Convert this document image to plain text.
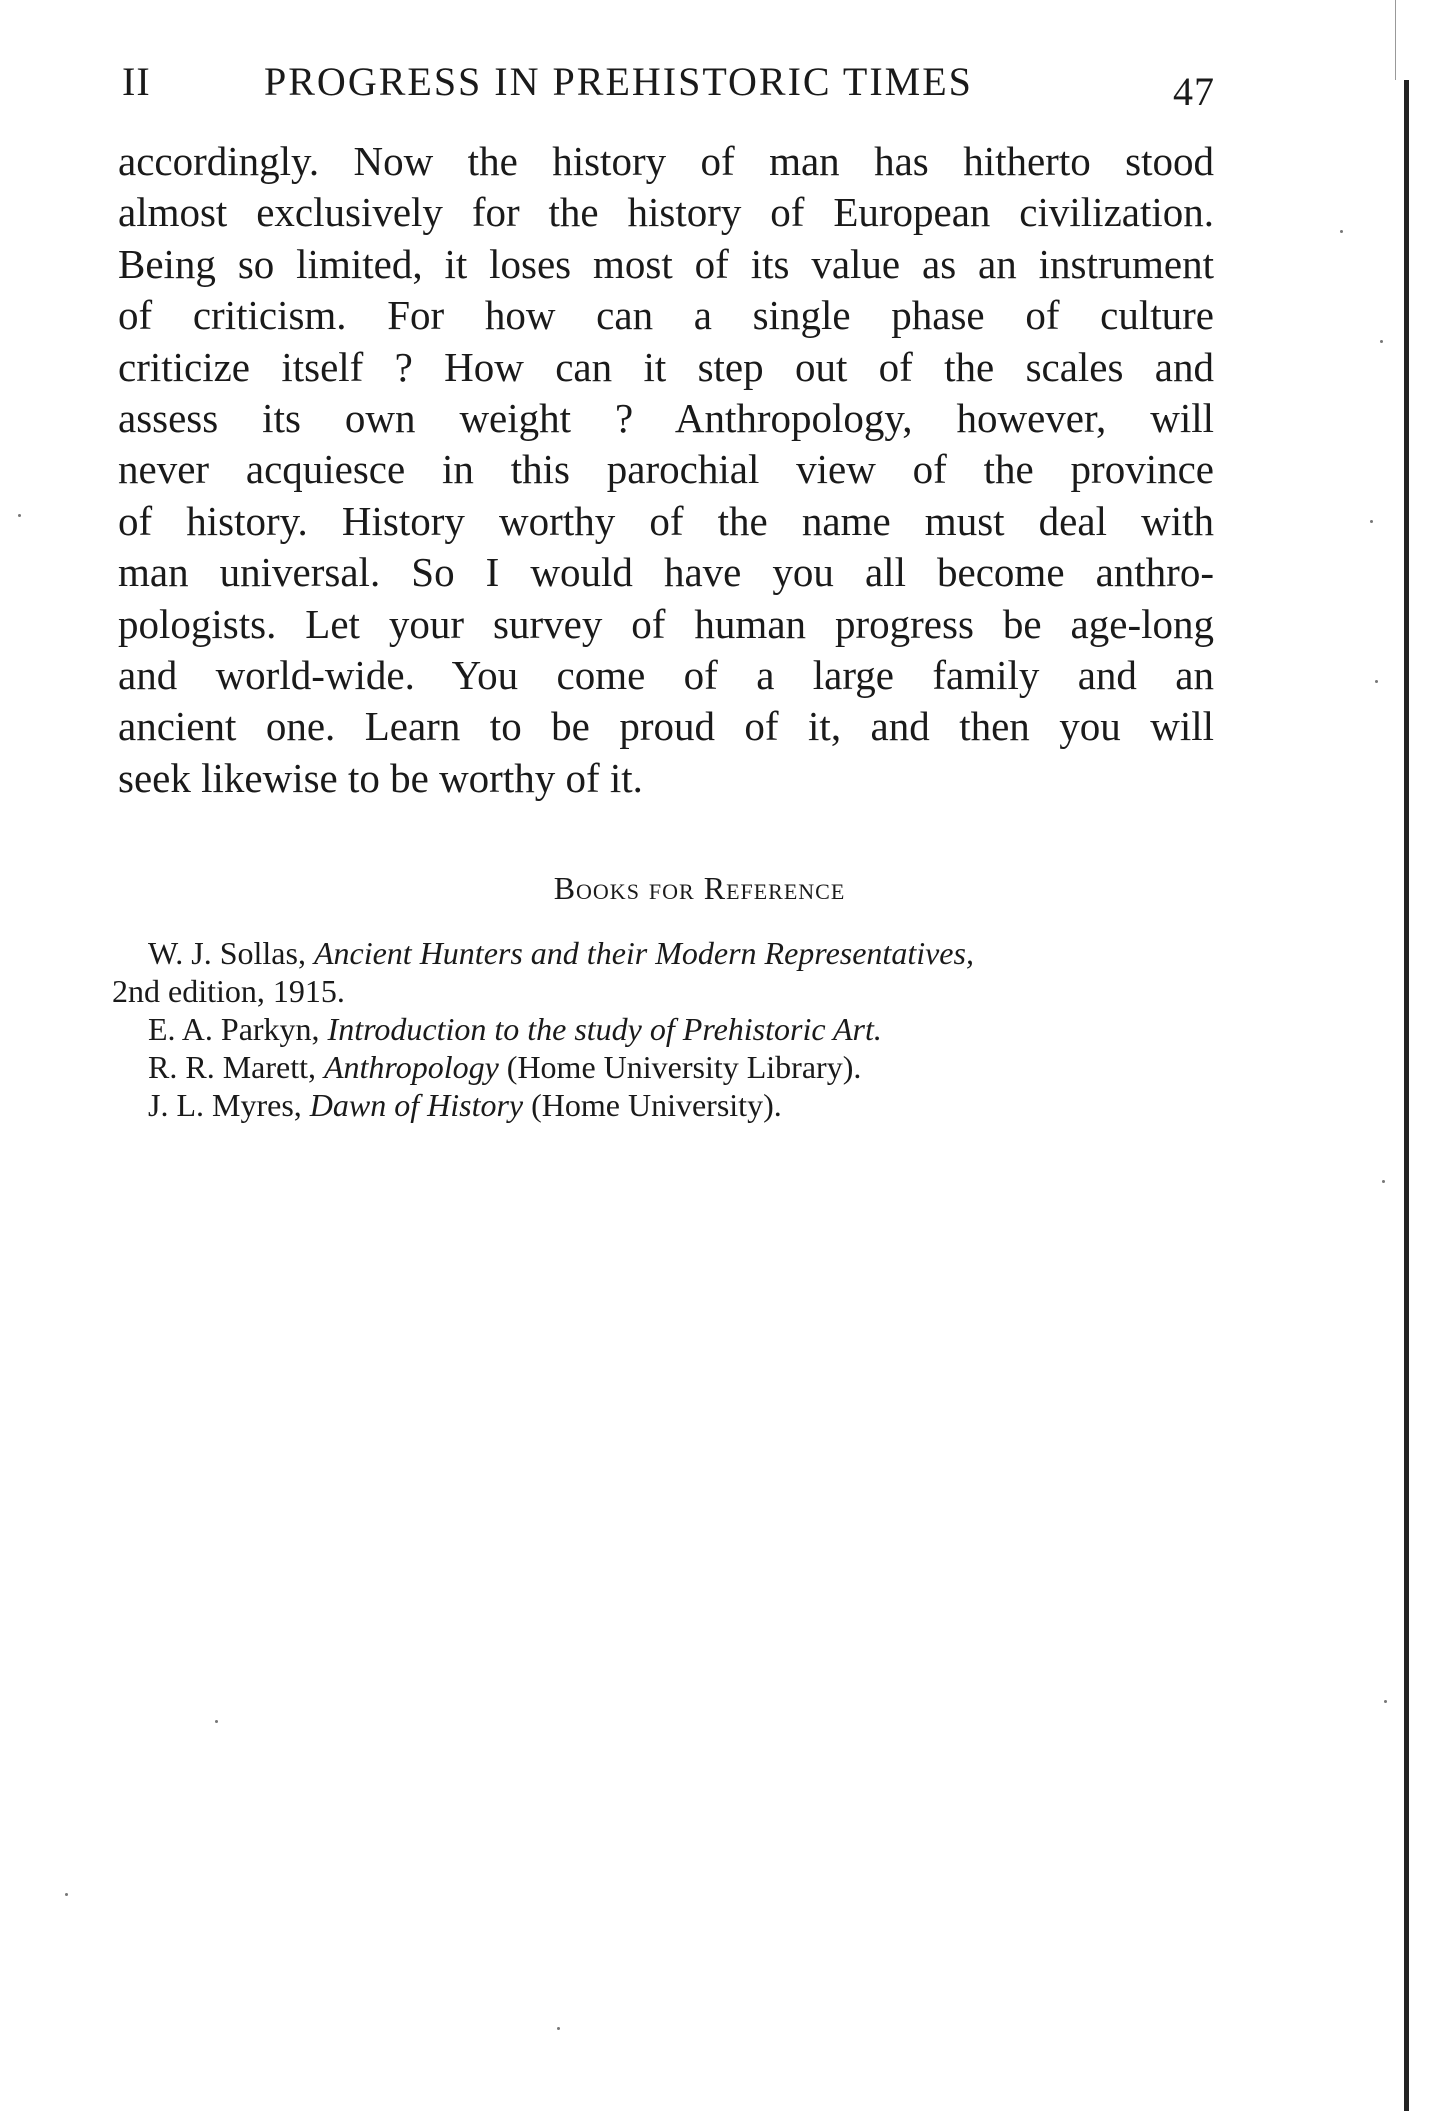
II	PROGRESS IN PREHISTORIC TIMES	47
accordingly. Now the history of man has hitherto stood
almost exclusively for the history of European civilization.
Being so limited, it loses most of its value as an instrument
of criticism. For how can a single phase of culture
criticize itself ? How can it step out of the scales and
assess its own weight ? Anthropology, however, will
never acquiesce in this parochial view of the province
of history. History worthy of the name must deal with
man universal. So I would have you all become anthro-
pologists. Let your survey of human progress be age-long
and world-wide. You come of a large family and an
ancient one. Learn to be proud of it, and then you will
seek likewise to be worthy of it.
Books for Reference
W. J. Sollas, Ancient Hunters and their Modern Representatives,
2nd edition, 1915.
E. A. Parkyn, Introduction to the study of Prehistoric Art.
R. R. Marett, Anthropology (Home University Library).
J. L. Myres, Dawn of History (Home University).
